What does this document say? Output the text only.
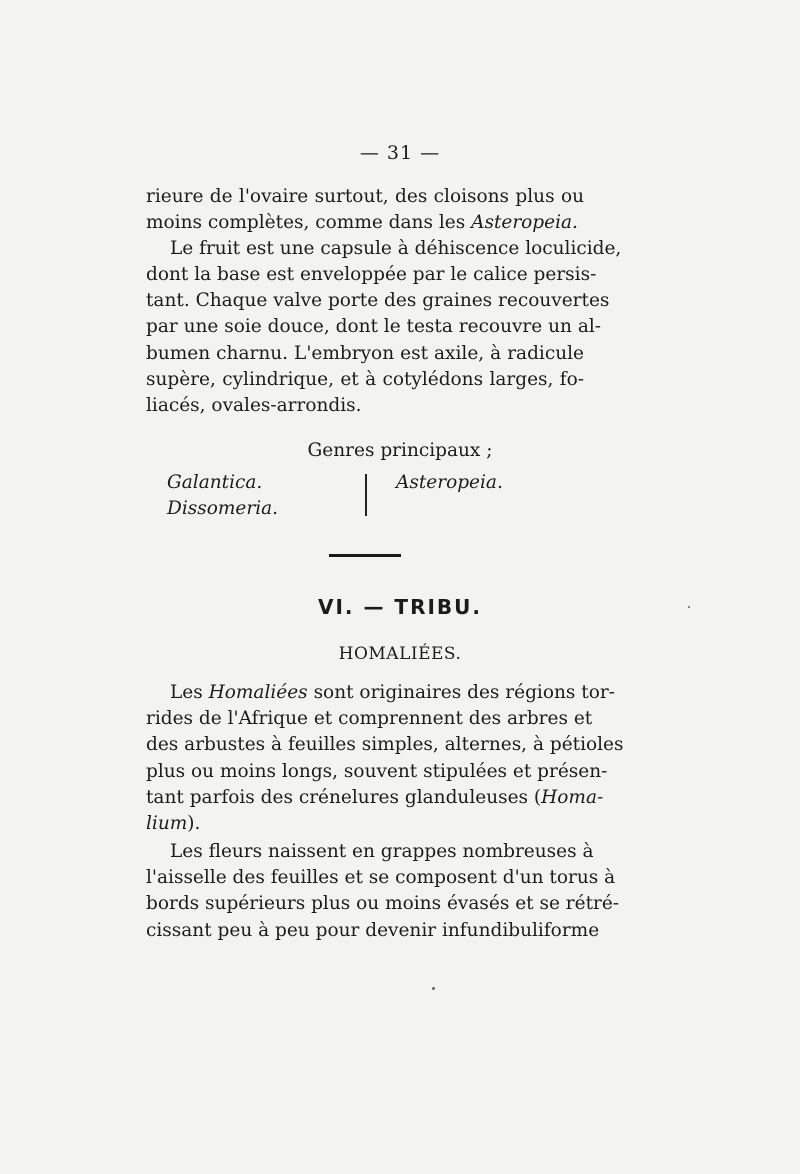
— 31 —
rieure de l'ovaire surtout, des cloisons plus ou
moins complètes, comme dans les Asteropeia.
Le fruit est une capsule à déhiscence loculicide,
dont la base est enveloppée par le calice persis-
tant. Chaque valve porte des graines recouvertes
par une soie douce, dont le testa recouvre un al-
bumen charnu. L'embryon est axile, à radicule
supère, cylindrique, et à cotylédons larges, fo-
liacés, ovales-arrondis.
Genres principaux ;
Galantica.
Dissomeria.
Asteropeia.
VI. — TRIBU.
HOMALIÉES.
Les Homaliées sont originaires des régions tor-
rides de l'Afrique et comprennent des arbres et
des arbustes à feuilles simples, alternes, à pétioles
plus ou moins longs, souvent stipulées et présen-
tant parfois des crénelures glanduleuses (Homa-
lium).
Les fleurs naissent en grappes nombreuses à
l'aisselle des feuilles et se composent d'un torus à
bords supérieurs plus ou moins évasés et se rétré-
cissant peu à peu pour devenir infundibuliforme
